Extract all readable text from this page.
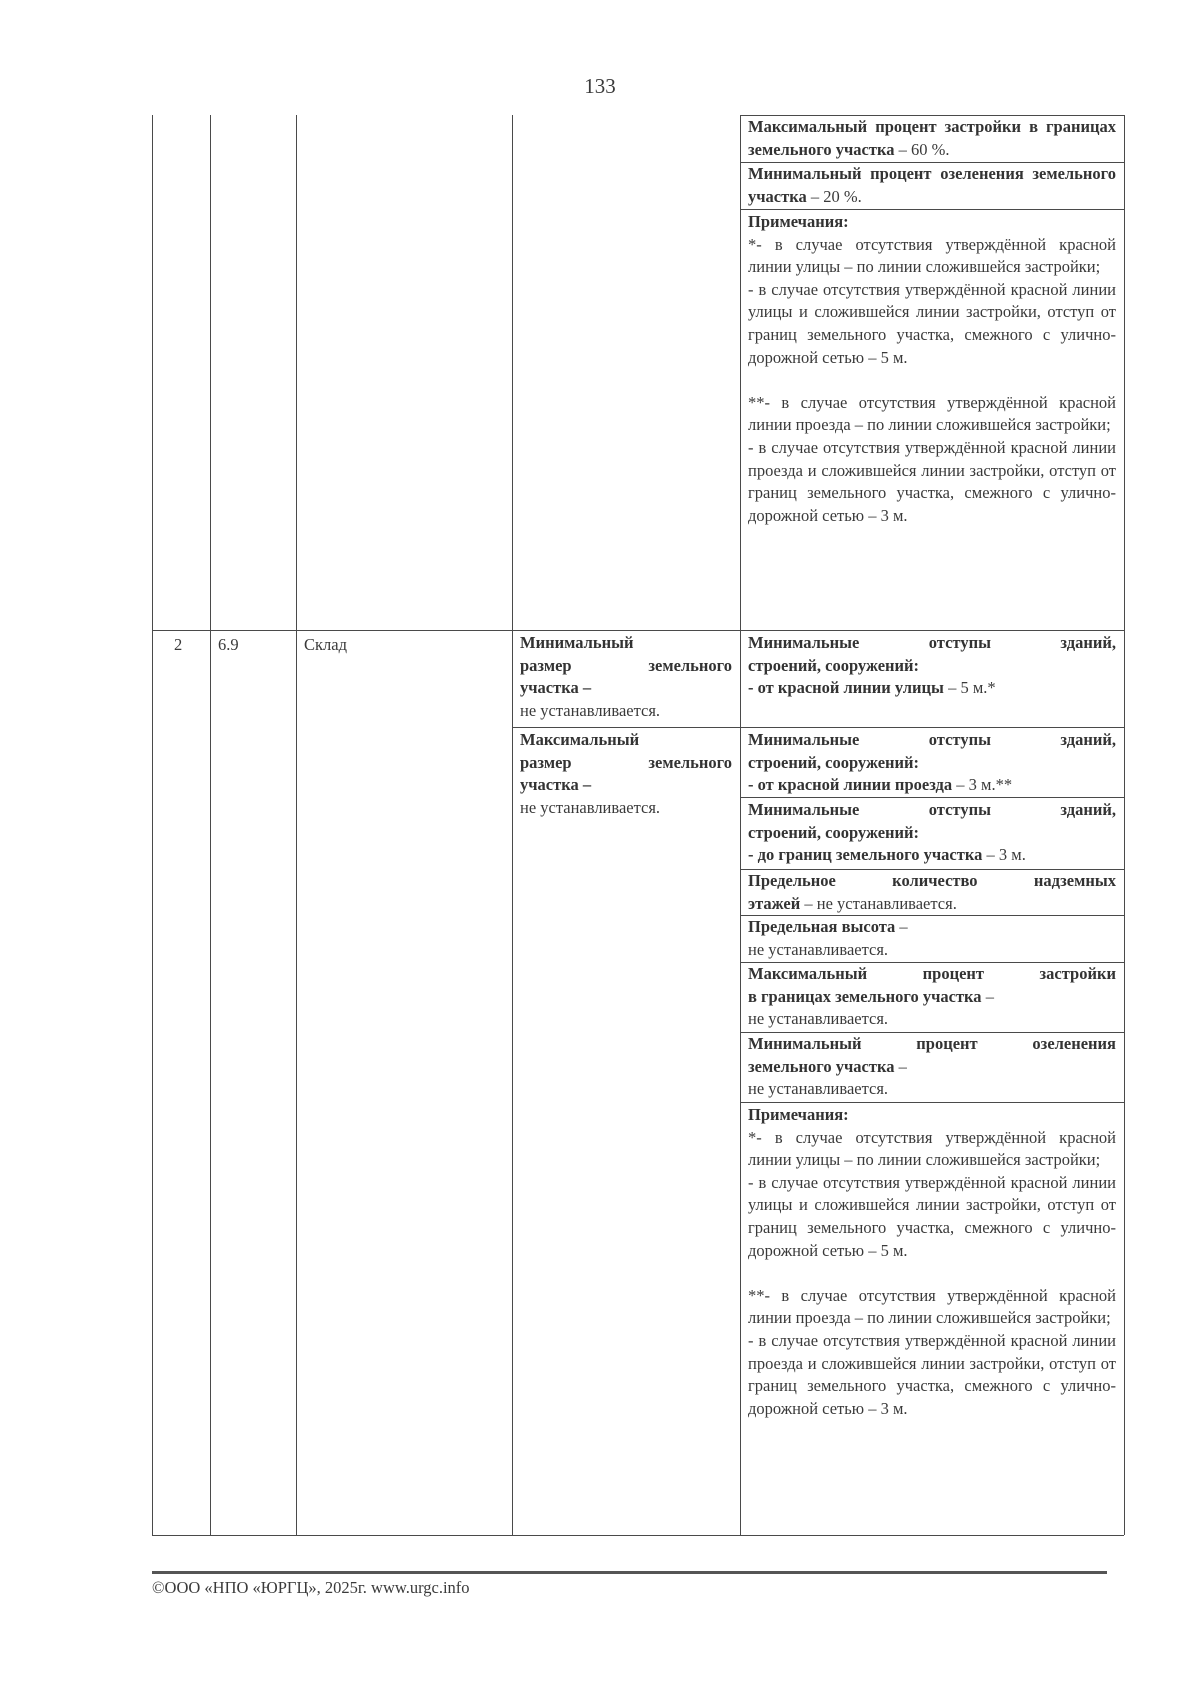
133
Максимальный процент застройки в границах земельного участка – 60 %.
Минимальный процент озеленения земельного участка – 20 %.
Примечания:
*- в случае отсутствия утверждённой красной линии улицы – по линии сложившейся застройки;
- в случае отсутствия утверждённой красной линии улицы и сложившейся линии застройки, отступ от границ земельного участка, смежного с улично-дорожной сетью – 5 м.
**- в случае отсутствия утверждённой красной линии проезда – по линии сложившейся застройки;
- в случае отсутствия утверждённой красной линии проезда и сложившейся линии застройки, отступ от границ земельного участка, смежного с улично-дорожной сетью – 3 м.
2 6.9	Склад	Минимальный
размер земельного
участка –
не устанавливается.
Максимальный
размер земельного
участка –
не устанавливается.
Минимальные отступы зданий,
строений, сооружений:
- от красной линии улицы – 5 м.*
Минимальные отступы зданий,
строений, сооружений:
- от красной линии проезда – 3 м.**
Минимальные отступы зданий,
строений, сооружений:
- до границ земельного участка – 3 м.
Предельное количество надземных
этажей – не устанавливается.
Предельная высота –
не устанавливается.
Максимальный процент застройки
в границах земельного участка –
не устанавливается.
Минимальный процент озеленения
земельного участка –
не устанавливается.
Примечания:
*- в случае отсутствия утверждённой красной линии улицы – по линии сложившейся застройки;
- в случае отсутствия утверждённой красной линии улицы и сложившейся линии застройки, отступ от границ земельного участка, смежного с улично-дорожной сетью – 5 м.
**- в случае отсутствия утверждённой красной линии проезда – по линии сложившейся застройки;
- в случае отсутствия утверждённой красной линии проезда и сложившейся линии застройки, отступ от границ земельного участка, смежного с улично-дорожной сетью – 3 м.
©ООО «НПО «ЮРГЦ», 2025г. www.urgc.info
